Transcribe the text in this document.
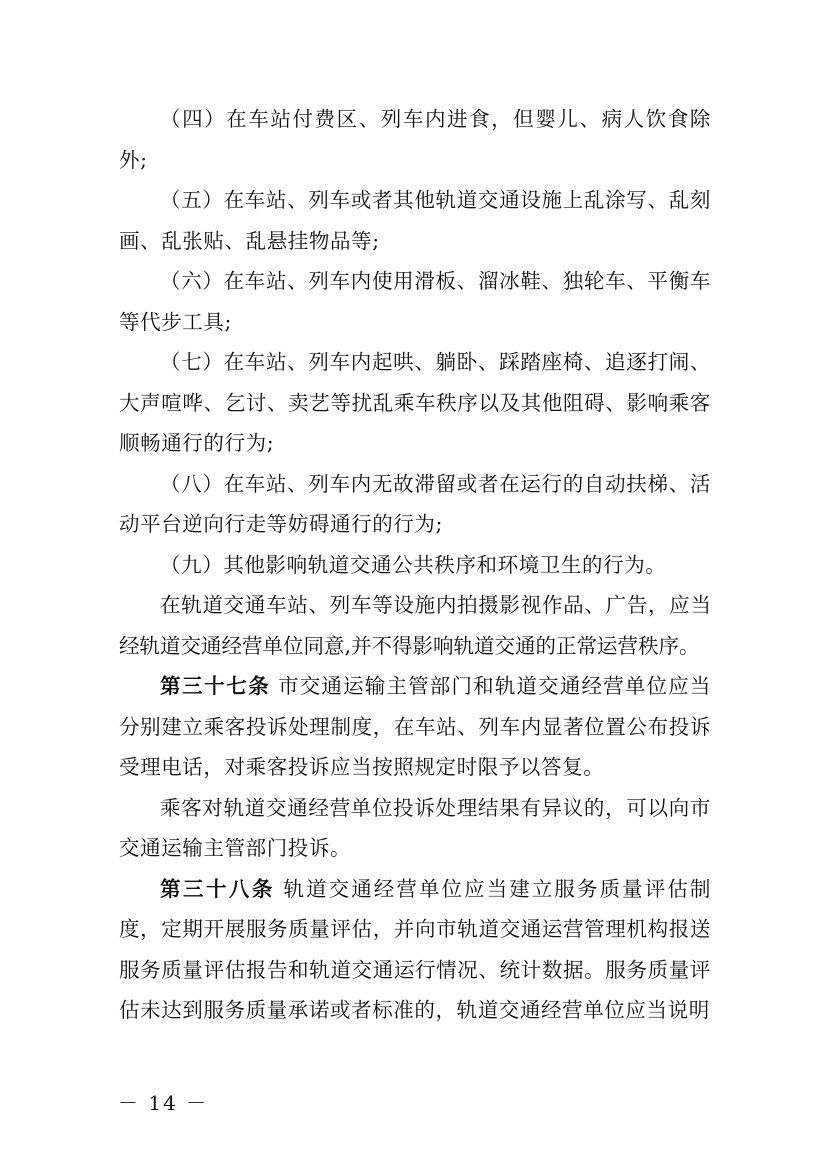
（四）在车站付费区、列车内进食，但婴儿、病人饮食除外;

（五）在车站、列车或者其他轨道交通设施上乱涂写、乱刻画、乱张贴、乱悬挂物品等;

（六）在车站、列车内使用滑板、溜冰鞋、独轮车、平衡车等代步工具;

（七）在车站、列车内起哄、躺卧、踩踏座椅、追逐打闹、大声喧哗、乞讨、卖艺等扰乱乘车秩序以及其他阻碍、影响乘客顺畅通行的行为;

（八）在车站、列车内无故滞留或者在运行的自动扶梯、活动平台逆向行走等妨碍通行的行为;

（九）其他影响轨道交通公共秩序和环境卫生的行为。

在轨道交通车站、列车等设施内拍摄影视作品、广告，应当经轨道交通经营单位同意,并不得影响轨道交通的正常运营秩序。

第三十七条 市交通运输主管部门和轨道交通经营单位应当分别建立乘客投诉处理制度，在车站、列车内显著位置公布投诉受理电话，对乘客投诉应当按照规定时限予以答复。

乘客对轨道交通经营单位投诉处理结果有异议的，可以向市交通运输主管部门投诉。

第三十八条 轨道交通经营单位应当建立服务质量评估制度，定期开展服务质量评估，并向市轨道交通运营管理机构报送服务质量评估报告和轨道交通运行情况、统计数据。服务质量评估未达到服务质量承诺或者标准的，轨道交通经营单位应当说明

－ 14 －
